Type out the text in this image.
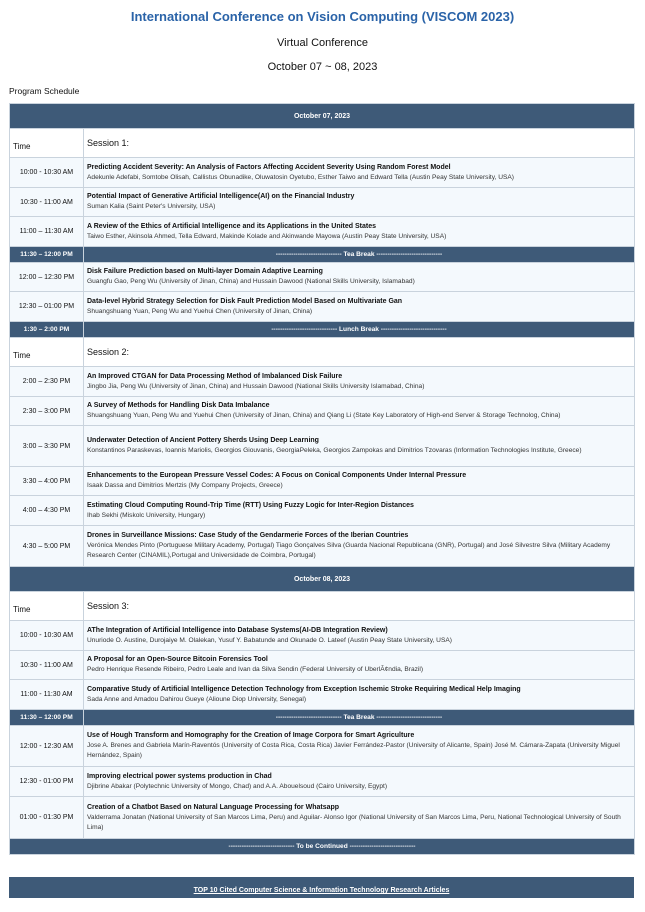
International Conference on Vision Computing (VISCOM 2023)
Virtual Conference
October 07 ~ 08, 2023
Program Schedule
October 07, 2023	
Time	Session 1:
10:00 - 10:30 AM	Predicting Accident Severity: An Analysis of Factors Affecting Accident Severity Using Random Forest Model
Adekunle Adefabi, Somtobe Olisah, Callistus Obunadike, Oluwatosin Oyetubo, Esther Taiwo and Edward Tella (Austin Peay State University, USA)

10:30 - 11:00 AM	Potential Impact of Generative Artificial Intelligence(AI) on the Financial Industry
Suman Kalia (Saint Peter's University, USA)

11:00 – 11:30 AM	A Review of the Ethics of Artificial Intelligence and its Applications in the United States
Taiwo Esther, Akinsola Ahmed, Tella Edward, Makinde Kolade and Akinwande Mayowa (Austin Peay State University, USA)

11:30 – 12:00 PM	------------------------------ Tea Break ------------------------------
12:00 – 12:30 PM	Disk Failure Prediction based on Multi-layer Domain Adaptive Learning
Guangfu Gao, Peng Wu (University of Jinan, China) and Hussain Dawood (National Skills University, Islamabad)

12:30 – 01:00 PM	Data-level Hybrid Strategy Selection for Disk Fault Prediction Model Based on Multivariate Gan
Shuangshuang Yuan, Peng Wu and Yuehui Chen (University of Jinan, China)

1:30 – 2:00 PM	------------------------------ Lunch Break ------------------------------
Time	Session 2:
2:00 – 2:30 PM	An Improved CTGAN for Data Processing Method of Imbalanced Disk Failure
Jingbo Jia, Peng Wu (University of Jinan, China) and Hussain Dawood (National Skills University Islamabad, China)

2:30 – 3:00 PM	A Survey of Methods for Handling Disk Data Imbalance
Shuangshuang Yuan, Peng Wu and Yuehui Chen (University of Jinan, China) and Qiang Li (State Key Laboratory of High-end Server & Storage Technolog, China)

3:00 – 3:30 PM	Underwater Detection of Ancient Pottery Sherds Using Deep Learning
Konstantinos Paraskevas, Ioannis Mariolis, Georgios Giouvanis, GeorgiaPeleka, Georgios Zampokas and Dimitrios Tzovaras (Information Technologies Institute, Greece)

3:30 – 4:00 PM	Enhancements to the European Pressure Vessel Codes: A Focus on Conical Components Under Internal Pressure
Isaak Dassa and Dimitrios Mertzis (My Company Projects, Greece)

4:00 – 4:30 PM	Estimating Cloud Computing Round-Trip Time (RTT) Using Fuzzy Logic for Inter-Region Distances
Ihab Sekhi (Miskolc University, Hungary)

4:30 – 5:00 PM	Drones in Surveillance Missions: Case Study of the Gendarmerie Forces of the Iberian Countries
Verónica Mendes Pinto (Portuguese Military Academy, Portugal) Tiago Gonçalves Silva (Guarda Nacional Republicana (GNR), Portugal) and José Silvestre Silva (Military Academy Research Center (CINAMIL),Portugal and Universidade de Coimbra, Portugal)

October 08, 2023	
Time	Session 3:
10:00 - 10:30 AM	AThe Integration of Artificial Intelligence into Database Systems(AI-DB Integration Review)
Unuriode O. Austine, Durojaiye M. Olalekan, Yusuf Y. Babatunde and Okunade O. Lateef (Austin Peay State University, USA)

10:30 - 11:00 AM	A Proposal for an Open-Source Bitcoin Forensics Tool
Pedro Henrique Resende Ribeiro, Pedro Leale and Ivan da Silva Sendin (Federal University of UberlÃ¢ndia, Brazil)

11:00 - 11:30 AM	Comparative Study of Artificial Intelligence Detection Technology from Exception Ischemic Stroke Requiring Medical Help Imaging
Sada Anne and Amadou Dahirou Gueye (Alioune Diop University, Senegal)

11:30 – 12:00 PM	------------------------------ Tea Break ------------------------------
12:00 - 12:30 AM	Use of Hough Transform and Homography for the Creation of Image Corpora for Smart Agriculture
Jose A. Brenes and Gabriela Marín-Raventós (University of Costa Rica, Costa Rica) Javier Ferrández-Pastor (University of Alicante, Spain) José M. Cámara-Zapata (University Miguel Hernández, Spain)

12:30 - 01:00 PM	Improving electrical power systems production in Chad
Djibrine Abakar (Polytechnic University of Mongo, Chad) and A.A. Abouelsoud (Cairo University, Egypt)

01:00 - 01:30 PM	Creation of a Chatbot Based on Natural Language Processing for Whatsapp
Valderrama Jonatan (National University of San Marcos Lima, Peru) and Aguilar- Alonso Igor (National University of San Marcos Lima, Peru, National Technological University of South Lima)

------------------------------ To be Continued ------------------------------	
TOP 10 Cited Computer Science & Information Technology Research Articles
